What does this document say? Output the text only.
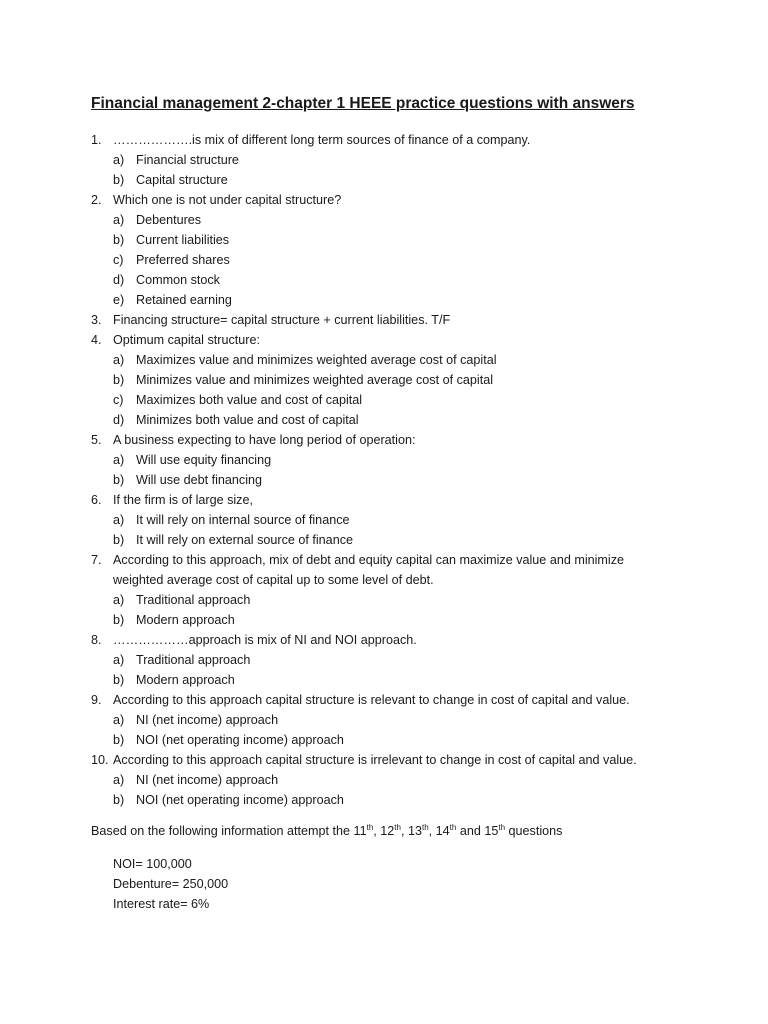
Financial management 2-chapter 1 HEEE practice questions with answers
1. ……………….is mix of different long term sources of finance of a company.
a) Financial structure
b) Capital structure
2. Which one is not under capital structure?
a) Debentures
b) Current liabilities
c) Preferred shares
d) Common stock
e) Retained earning
3. Financing structure= capital structure + current liabilities. T/F
4. Optimum capital structure:
a) Maximizes value and minimizes weighted average cost of capital
b) Minimizes value and minimizes weighted average cost of capital
c) Maximizes both value and cost of capital
d) Minimizes both value and cost of capital
5. A business expecting to have long period of operation:
a) Will use equity financing
b) Will use debt financing
6. If the firm is of large size,
a) It will rely on internal source of finance
b) It will rely on external source of finance
7. According to this approach, mix of debt and equity capital can maximize value and minimize
weighted average cost of capital up to some level of debt.
a) Traditional approach
b) Modern approach
8. ………………approach is mix of NI and NOI approach.
a) Traditional approach
b) Modern approach
9. According to this approach capital structure is relevant to change in cost of capital and value.
a) NI (net income) approach
b) NOI (net operating income) approach
10. According to this approach capital structure is irrelevant to change in cost of capital and value.
a) NI (net income) approach
b) NOI (net operating income) approach
Based on the following information attempt the 11th, 12th, 13th, 14th and 15th questions
NOI= 100,000
Debenture= 250,000
Interest rate= 6%
